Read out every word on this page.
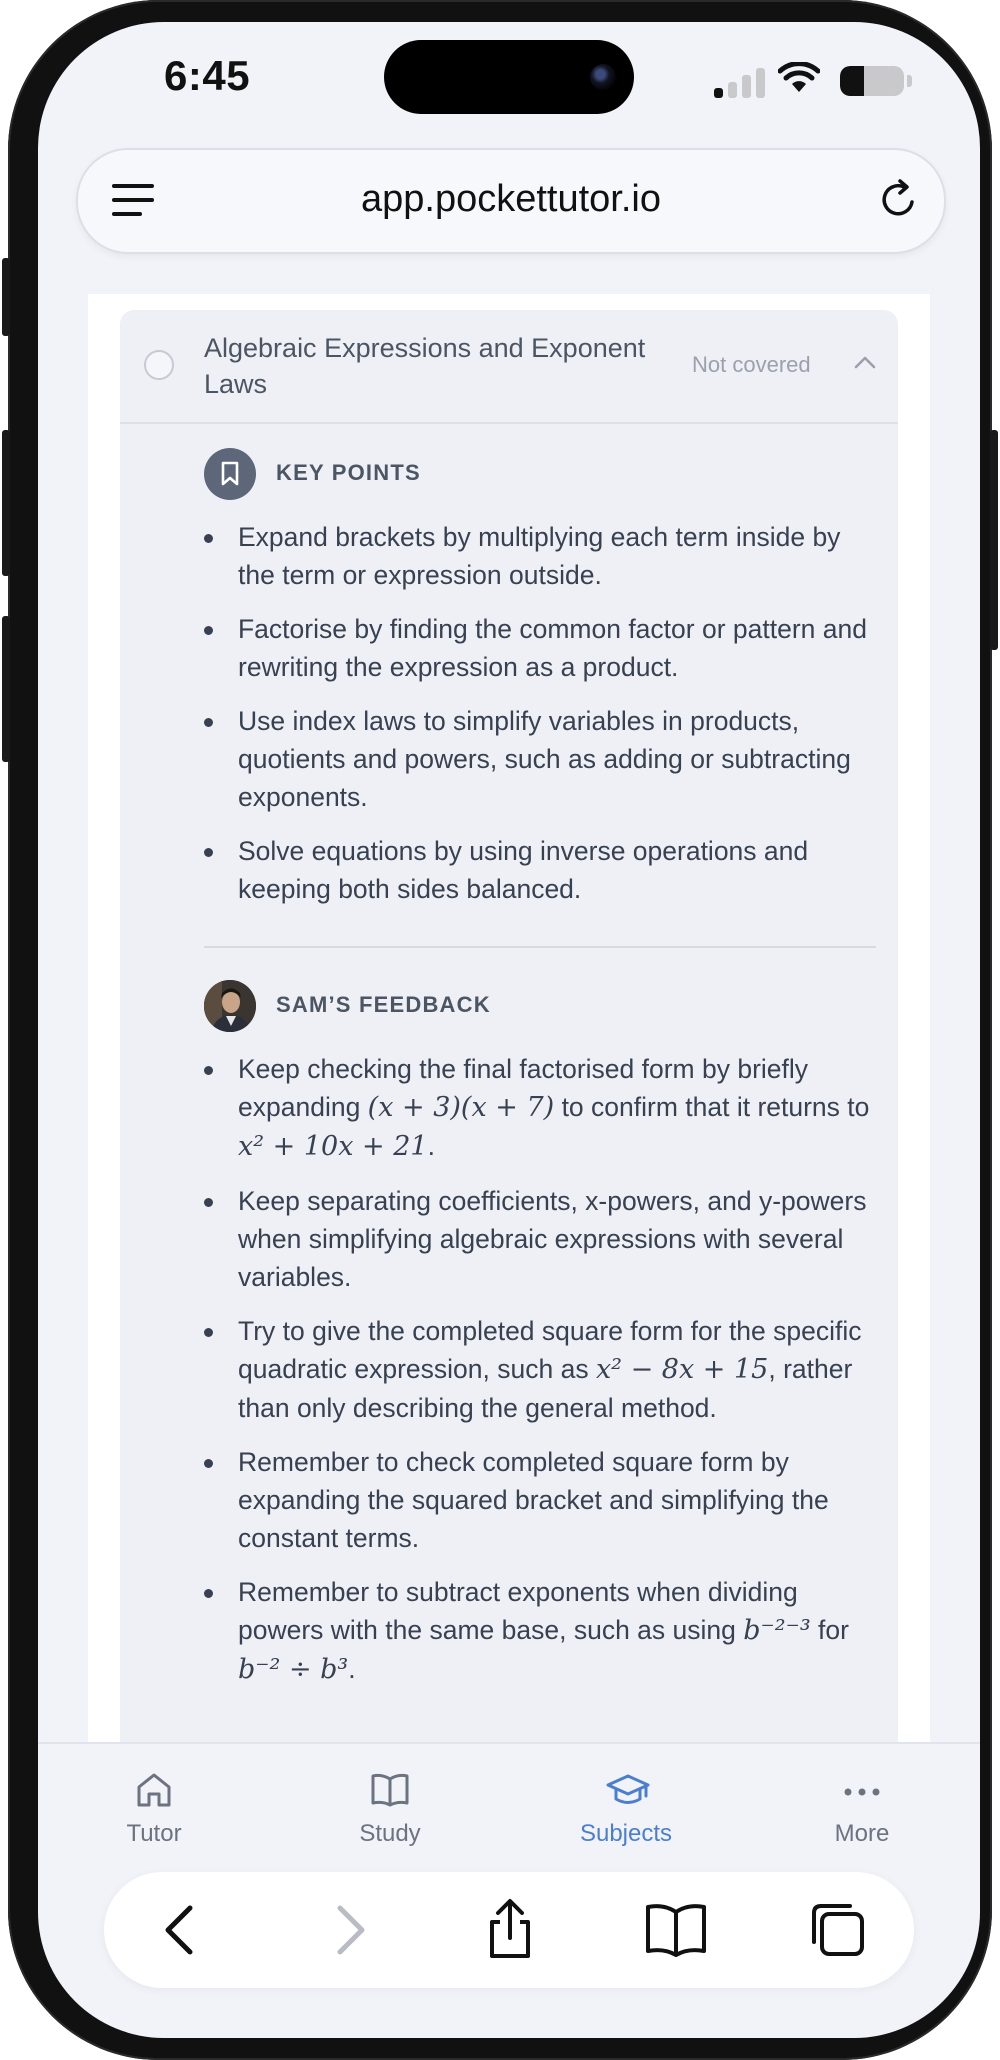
6:45
app.pockettutor.io
Algebraic Expressions and Exponent Laws
Not covered
KEY POINTS
Expand brackets by multiplying each term inside by the term or expression outside.
Factorise by finding the common factor or pattern and rewriting the expression as a product.
Use index laws to simplify variables in products, quotients and powers, such as adding or subtracting exponents.
Solve equations by using inverse operations and keeping both sides balanced.
SAM’S FEEDBACK
Keep checking the final factorised form by briefly expanding (x + 3)(x + 7) to confirm that it returns to x² + 10x + 21.
Keep separating coefficients, x-powers, and y-powers when simplifying algebraic expressions with several variables.
Try to give the completed square form for the specific quadratic expression, such as x² − 8x + 15, rather than only describing the general method.
Remember to check completed square form by expanding the squared bracket and simplifying the constant terms.
Remember to subtract exponents when dividing powers with the same base, such as using b⁻²⁻³ for b⁻² ÷ b³.
Tutor	Study	Subjects	More
